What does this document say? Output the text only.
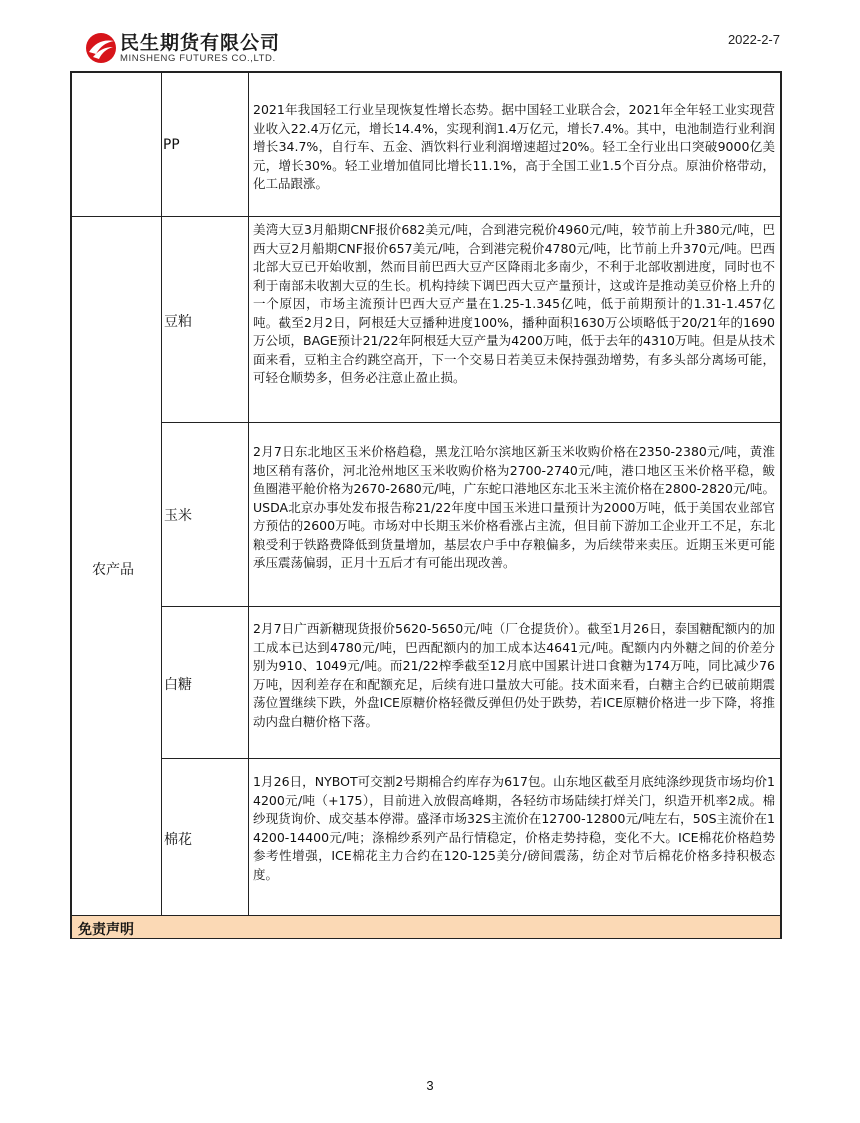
民生期货有限公司
MINSHENG FUTURES CO.,LTD.
2022-2-7
PP
2021年我国轻工行业呈现恢复性增长态势。据中国轻工业联合会，2021年全年轻工业实现营业收入22.4万亿元，增长14.4%，实现利润1.4万亿元，增长7.4%。其中，电池制造行业利润增长34.7%，自行车、五金、酒饮料行业利润增速超过20%。轻工全行业出口突破9000亿美元，增长30%。轻工业增加值同比增长11.1%，高于全国工业1.5个百分点。原油价格带动，化工品跟涨。
农产品
豆粕
美湾大豆3月船期CNF报价682美元/吨，合到港完税价4960元/吨，较节前上升380元/吨，巴西大豆2月船期CNF报价657美元/吨，合到港完税价4780元/吨，比节前上升370元/吨。巴西北部大豆已开始收割，然而目前巴西大豆产区降雨北多南少，不利于北部收割进度，同时也不利于南部未收割大豆的生长。机构持续下调巴西大豆产量预计，这或许是推动美豆价格上升的一个原因，市场主流预计巴西大豆产量在1.25-1.345亿吨，低于前期预计的1.31-1.457亿吨。截至2月2日，阿根廷大豆播种进度100%，播种面积1630万公顷略低于20/21年的1690万公顷，BAGE预计21/22年阿根廷大豆产量为4200万吨，低于去年的4310万吨。但是从技术面来看，豆粕主合约跳空高开，下一个交易日若美豆未保持强劲增势，有多头部分离场可能，可轻仓顺势多，但务必注意止盈止损。
玉米
2月7日东北地区玉米价格趋稳，黑龙江哈尔滨地区新玉米收购价格在2350-2380元/吨，黄淮地区稍有落价，河北沧州地区玉米收购价格为2700-2740元/吨，港口地区玉米价格平稳，鲅鱼圈港平舱价格为2670-2680元/吨，广东蛇口港地区东北玉米主流价格在2800-2820元/吨。USDA北京办事处发布报告称21/22年度中国玉米进口量预计为2000万吨，低于美国农业部官方预估的2600万吨。市场对中长期玉米价格看涨占主流，但目前下游加工企业开工不足，东北粮受利于铁路费降低到货量增加，基层农户手中存粮偏多，为后续带来卖压。近期玉米更可能承压震荡偏弱，正月十五后才有可能出现改善。
白糖
2月7日广西新糖现货报价5620-5650元/吨（厂仓提货价）。截至1月26日，泰国糖配额内的加工成本已达到4780元/吨，巴西配额内的加工成本达4641元/吨。配额内内外糖之间的价差分别为910、1049元/吨。而21/22榨季截至12月底中国累计进口食糖为174万吨，同比减少76万吨，因利差存在和配额充足，后续有进口量放大可能。技术面来看，白糖主合约已破前期震荡位置继续下跌，外盘ICE原糖价格轻微反弹但仍处于跌势，若ICE原糖价格进一步下降，将推动内盘白糖价格下落。
棉花
1月26日，NYBOT可交割2号期棉合约库存为617包。山东地区截至月底纯涤纱现货市场均价14200元/吨（+175），目前进入放假高峰期，各轻纺市场陆续打烊关门，织造开机率2成。棉纱现货询价、成交基本停滞。盛泽市场32S主流价在12700-12800元/吨左右，50S主流价在14200-14400元/吨；涤棉纱系列产品行情稳定，价格走势持稳，变化不大。ICE棉花价格趋势参考性增强，ICE棉花主力合约在120-125美分/磅间震荡，纺企对节后棉花价格多持积极态度。
免责声明
3
